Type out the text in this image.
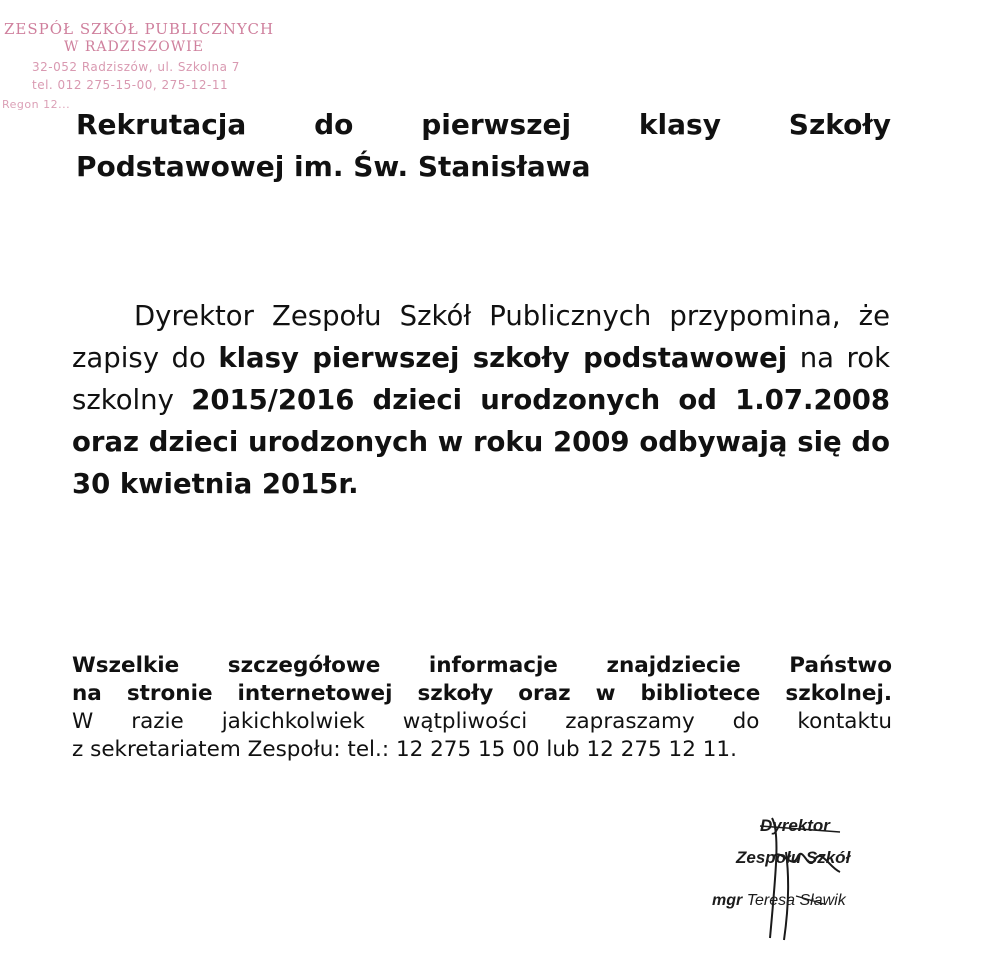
ZESPÓŁ SZKÓŁ PUBLICZNYCH
W RADZISZOWIE
32-052 Radziszów, ul. Szkolna 7
tel. 012 275-15-00, 275-12-11
Regon 12...
Rekrutacja do pierwszej klasy Szkoły
Podstawowej im. Św. Stanisława

Dyrektor Zespołu Szkół Publicznych przypomina, że zapisy do klasy pierwszej szkoły podstawowej na rok szkolny 2015/2016 dzieci urodzonych od 1.07.2008 oraz dzieci urodzonych w roku 2009 odbywają się do 30 kwietnia 2015r.

Wszelkie szczegółowe informacje znajdziecie Państwo
na stronie internetowej szkoły oraz w bibliotece szkolnej.
W razie jakichkolwiek wątpliwości zapraszamy do kontaktu
z sekretariatem Zespołu: tel.: 12 275 15 00 lub 12 275 12 11.
Dyrektor
Zespołu Szkół
mgr Teresa Sławik
